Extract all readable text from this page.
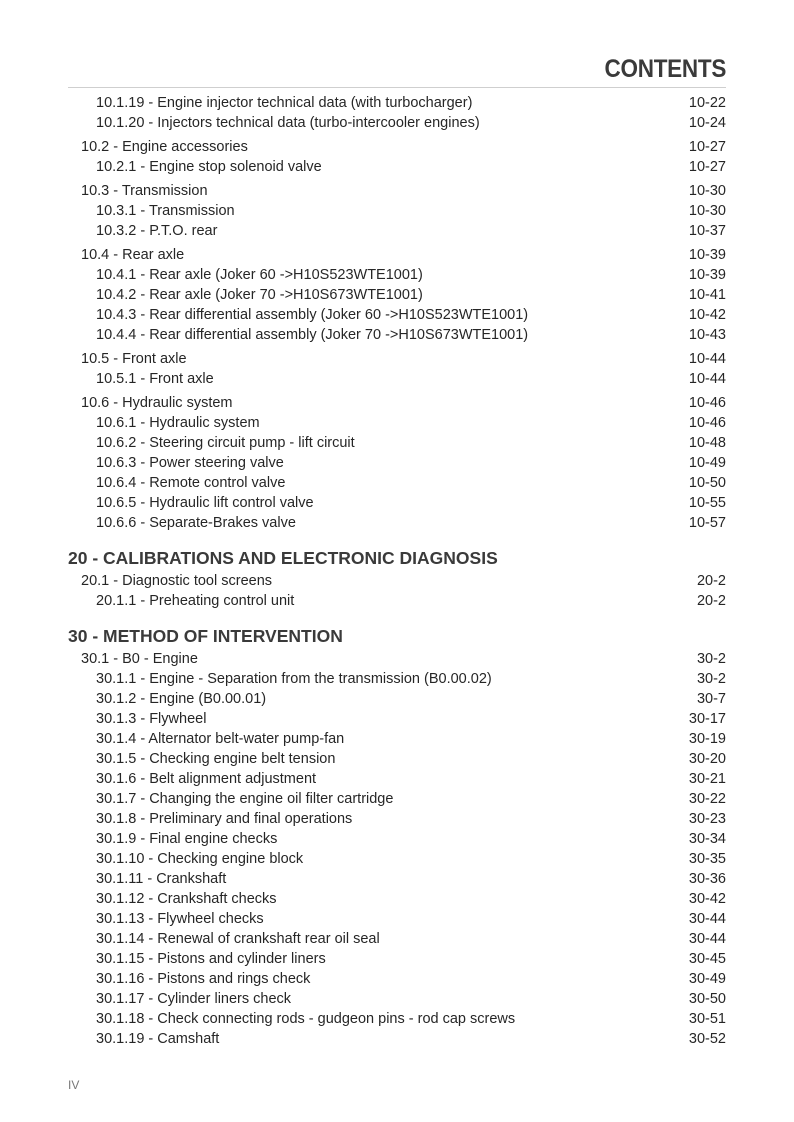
CONTENTS
10.1.19 - Engine injector technical data (with turbocharger)	10-22
10.1.20 - Injectors technical data (turbo-intercooler engines)	10-24
10.2 - Engine accessories	10-27
10.2.1 - Engine stop solenoid valve	10-27
10.3 - Transmission	10-30
10.3.1 - Transmission	10-30
10.3.2 - P.T.O. rear	10-37
10.4 - Rear axle	10-39
10.4.1 - Rear axle (Joker 60 ->H10S523WTE1001)	10-39
10.4.2 - Rear axle (Joker 70 ->H10S673WTE1001)	10-41
10.4.3 - Rear differential assembly (Joker 60 ->H10S523WTE1001)	10-42
10.4.4 - Rear differential assembly (Joker 70 ->H10S673WTE1001)	10-43
10.5 - Front axle	10-44
10.5.1 - Front axle	10-44
10.6 - Hydraulic system	10-46
10.6.1 - Hydraulic system	10-46
10.6.2 - Steering circuit pump - lift circuit	10-48
10.6.3 - Power steering valve	10-49
10.6.4 - Remote control valve	10-50
10.6.5 - Hydraulic lift control valve	10-55
10.6.6 - Separate-Brakes valve	10-57
20 - CALIBRATIONS AND ELECTRONIC DIAGNOSIS
20.1 - Diagnostic tool screens	20-2
20.1.1 - Preheating control unit	20-2
30 - METHOD OF INTERVENTION
30.1 - B0 - Engine	30-2
30.1.1 - Engine - Separation from the transmission (B0.00.02)	30-2
30.1.2 - Engine (B0.00.01)	30-7
30.1.3 - Flywheel	30-17
30.1.4 - Alternator belt-water pump-fan	30-19
30.1.5 - Checking engine belt tension	30-20
30.1.6 - Belt alignment adjustment	30-21
30.1.7 - Changing the engine oil filter cartridge	30-22
30.1.8 - Preliminary and final operations	30-23
30.1.9 - Final engine checks	30-34
30.1.10 - Checking engine block	30-35
30.1.11 - Crankshaft	30-36
30.1.12 - Crankshaft checks	30-42
30.1.13 - Flywheel checks	30-44
30.1.14 - Renewal of crankshaft rear oil seal	30-44
30.1.15 - Pistons and cylinder liners	30-45
30.1.16 - Pistons and rings check	30-49
30.1.17 - Cylinder liners check	30-50
30.1.18 - Check connecting rods - gudgeon pins - rod cap screws	30-51
30.1.19 - Camshaft	30-52
IV
